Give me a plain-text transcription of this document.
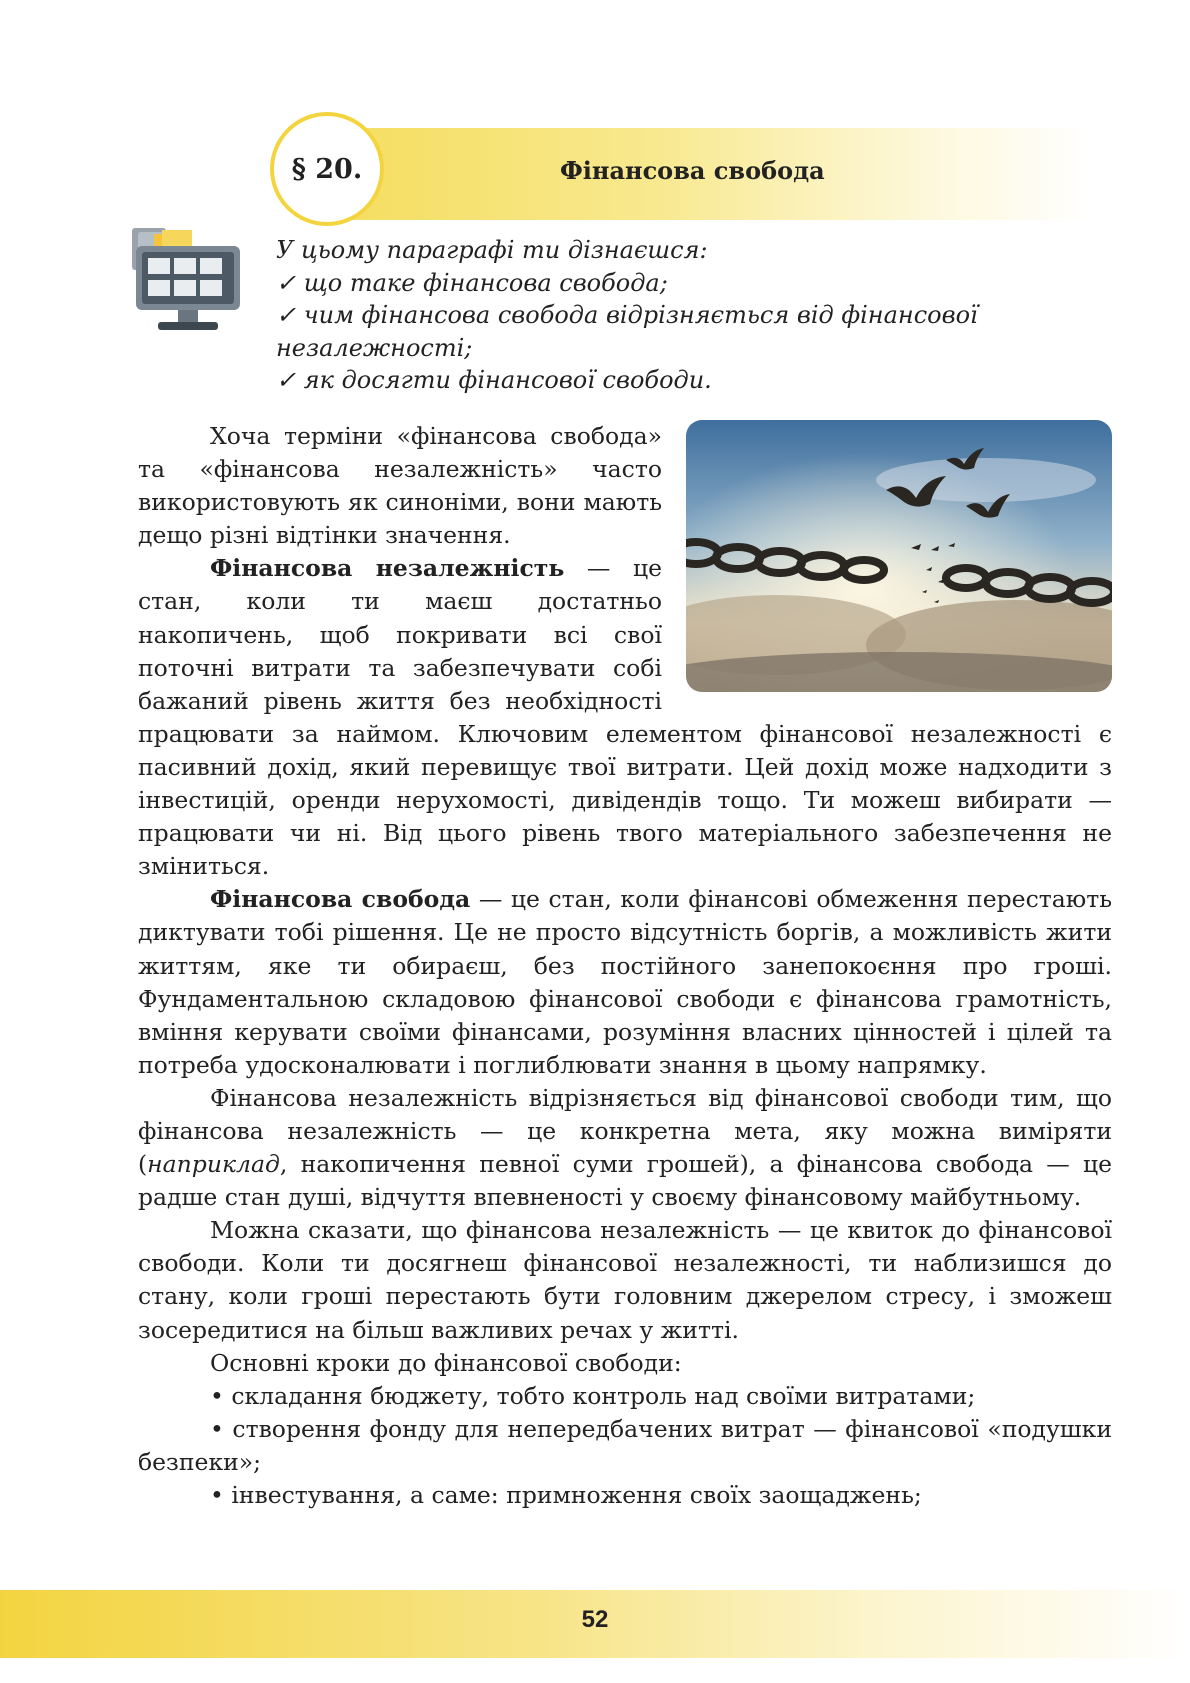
§ 20.	Фінансова свобода

У цьому параграфі ти дізнаєшся:

✓ що таке фінансова свобода;

✓ чим фінансова свобода відрізняється від фінансової незалежності;

✓ як досягти фінансової свободи.

Хоча терміни «фінансова свобода» та «фінансова незалежність» часто використовують як синоніми, вони мають дещо різні відтінки значення.

Фінансова незалежність — це стан, коли ти маєш достатньо накопичень, щоб покривати всі свої поточні витрати та забезпечувати собі бажаний рівень життя без необхідності працювати за наймом. Ключовим елементом фінансової незалежності є пасивний дохід, який перевищує твої витрати. Цей дохід може надходити з інвестицій, оренди нерухомості, дивідендів тощо. Ти можеш вибирати — працювати чи ні. Від цього рівень твого матеріального забезпечення не зміниться.

Фінансова свобода — це стан, коли фінансові обмеження перестають диктувати тобі рішення. Це не просто відсутність боргів, а можливість жити життям, яке ти обираєш, без постійного занепокоєння про гроші. Фундаментальною складовою фінансової свободи є фінансова грамотність, вміння керувати своїми фінансами, розуміння власних цінностей і цілей та потреба удосконалювати і поглиблювати знання в цьому напрямку.

Фінансова незалежність відрізняється від фінансової свободи тим, що фінансова незалежність — це конкретна мета, яку можна виміряти (наприклад, накопичення певної суми грошей), а фінансова свобода — це радше стан душі, відчуття впевненості у своєму фінансовому майбутньому.

Можна сказати, що фінансова незалежність — це квиток до фінансової свободи. Коли ти досягнеш фінансової незалежності, ти наблизишся до стану, коли гроші перестають бути головним джерелом стресу, і зможеш зосередитися на більш важливих речах у житті.

Основні кроки до фінансової свободи:

• складання бюджету, тобто контроль над своїми витратами;

• створення фонду для непередбачених витрат — фінансової «подушки безпеки»;

• інвестування, а саме: примноження своїх заощаджень;

52
